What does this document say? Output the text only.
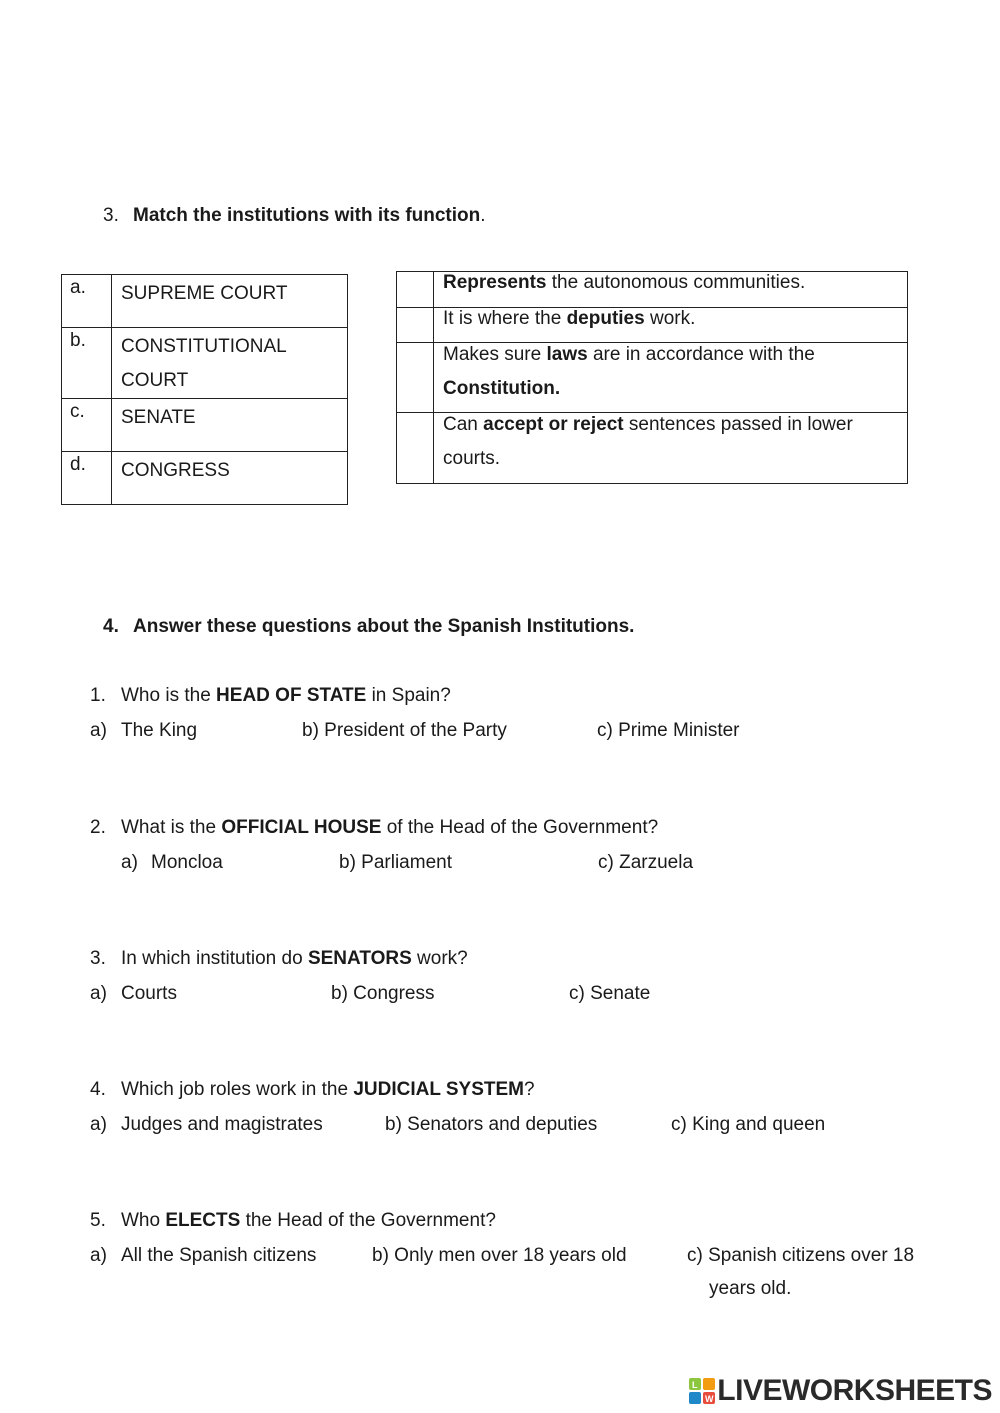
3. Match the institutions with its function.
a.	SUPREME COURT
b.	CONSTITUTIONAL
COURT

c.	SENATE
d.	CONGRESS

	Represents the autonomous communities.

	It is where the deputies work.

	Makes sure laws are in accordance with the
Constitution.

	Can accept or reject sentences passed in lower
courts.
4. Answer these questions about the Spanish Institutions.
1. Who is the HEAD OF STATE in Spain?
a) The King	b) President of the Party	c) Prime Minister
2. What is the OFFICIAL HOUSE of the Head of the Government?
a) Moncloa	b) Parliament	c) Zarzuela
3. In which institution do SENATORS work?
a) Courts	b) Congress	c) Senate
4. Which job roles work in the JUDICIAL SYSTEM?
a) Judges and magistrates	b) Senators and deputies	c) King and queen
5. Who ELECTS the Head of the Government?
a) All the Spanish citizens	b) Only men over 18 years old	c) Spanish citizens over 18
years old.
L
W LIVEWORKSHEETS
